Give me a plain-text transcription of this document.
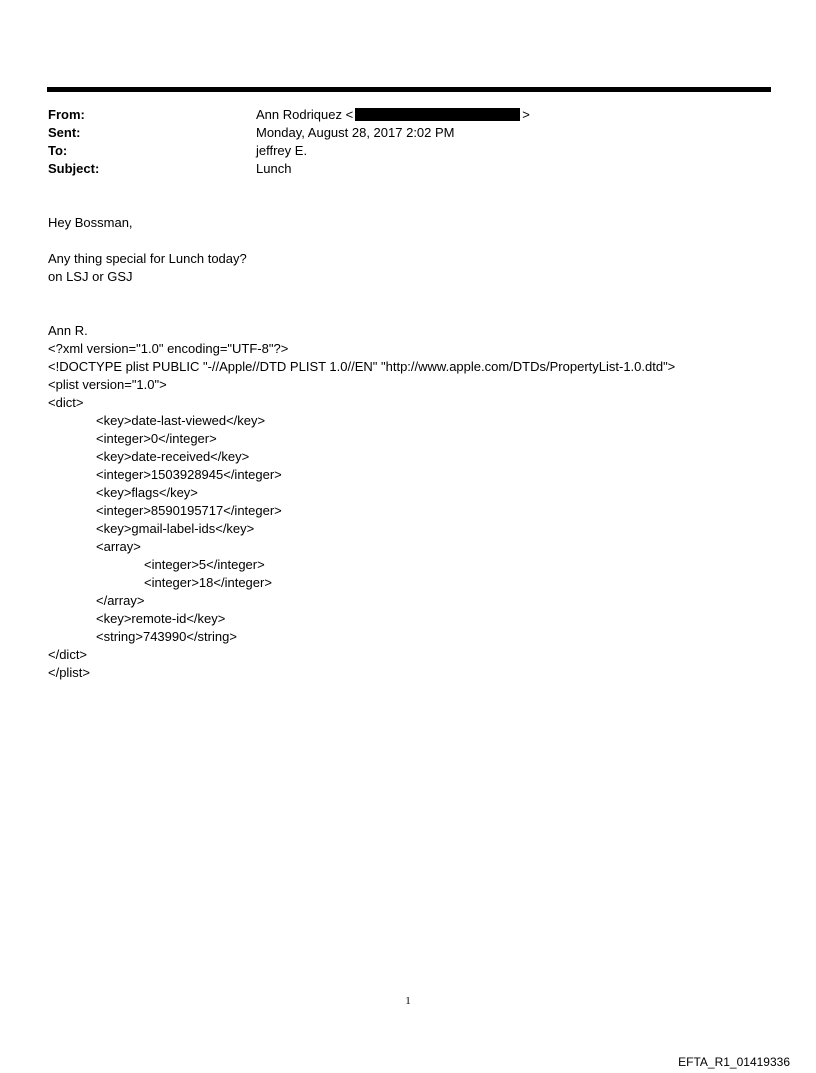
From:	Ann Rodriquez <	>
Sent:	Monday, August 28, 2017 2:02 PM
To:	jeffrey E.
Subject:	Lunch

Hey Bossman,

Any thing special for Lunch today?

on LSJ or GSJ

Ann R.

<?xml version="1.0" encoding="UTF-8"?>

<!DOCTYPE plist PUBLIC "-//Apple//DTD PLIST 1.0//EN" "http://www.apple.com/DTDs/PropertyList-1.0.dtd">

<plist version="1.0">

<dict>

<key>date-last-viewed</key>

<integer>0</integer>

<key>date-received</key>

<integer>1503928945</integer>

<key>flags</key>

<integer>8590195717</integer>

<key>gmail-label-ids</key>

<array>

<integer>5</integer>

<integer>18</integer>

</array>

<key>remote-id</key>

<string>743990</string>

</dict>

</plist>

1
EFTA_R1_01419336
